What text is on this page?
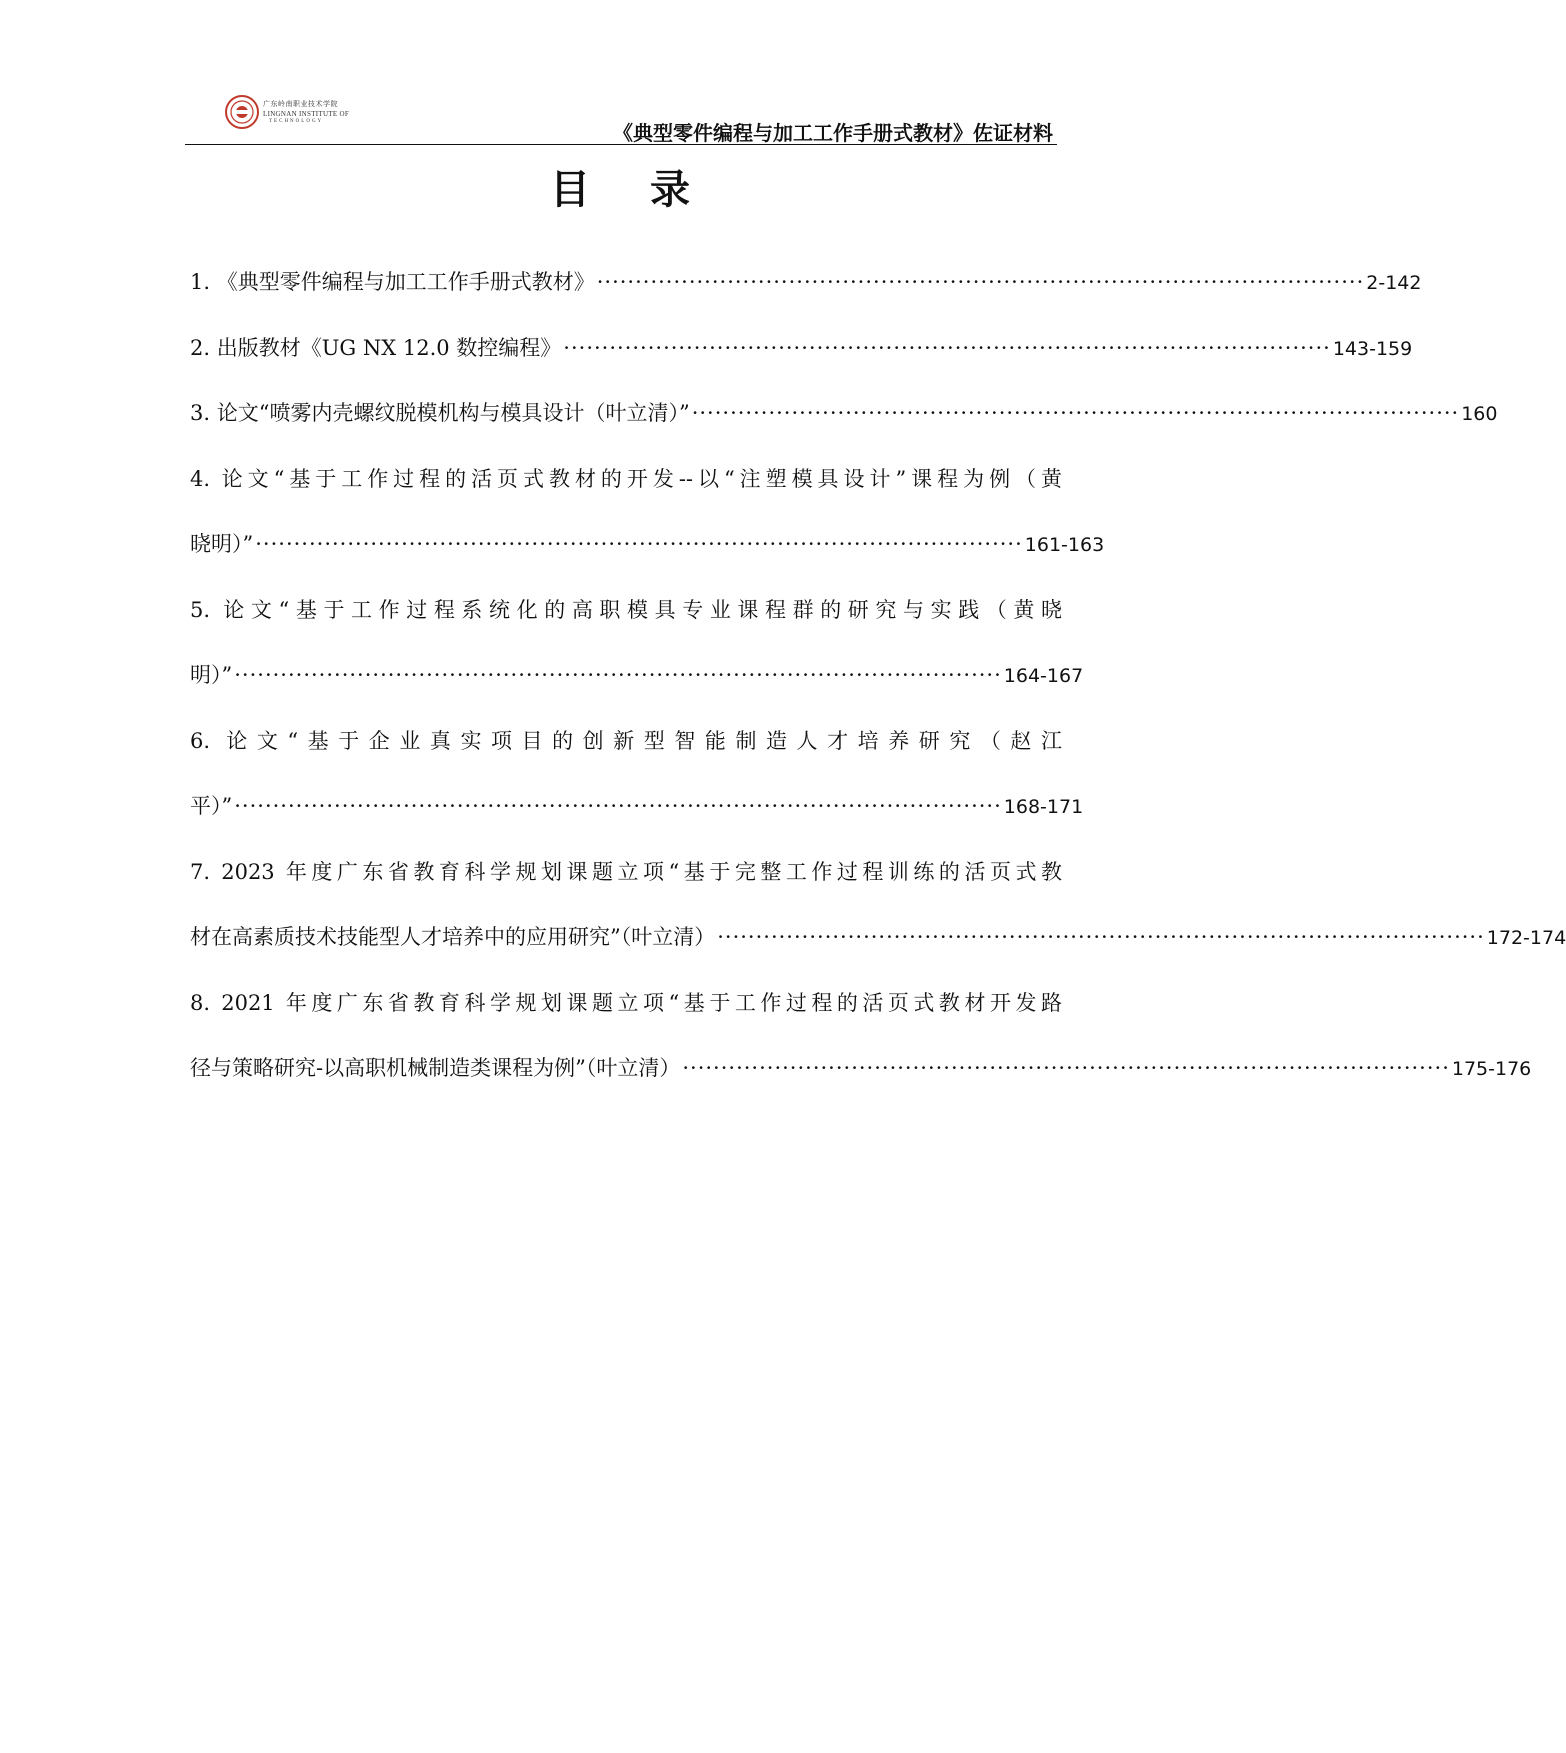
广东岭南职业技术学院
LINGNAN INSTITUTE OF
TECHNOLOGY	《典型零件编程与加工工作手册式教材》佐证材料
目录
1. 《典型零件编程与加工工作手册式教材》 ···································································································· 2-142
2. 出版教材《UG NX 12.0 数控编程》 ···································································································· 143-159
3. 论文“喷雾内壳螺纹脱模机构与模具设计（叶立清）” ···································································································· 160
4. 论文“基于工作过程的活页式教材的开发--以“注塑模具设计”课程为例（黄
晓明）” ···································································································· 161-163
5. 论文“基于工作过程系统化的高职模具专业课程群的研究与实践（黄晓
明）” ···································································································· 164-167
6. 论文“基于企业真实项目的创新型智能制造人才培养研究（赵江
平）” ···································································································· 168-171
7. 2023 年度广东省教育科学规划课题立项“基于完整工作过程训练的活页式教
材在高素质技术技能型人才培养中的应用研究”（叶立清） ···································································································· 172-174
8. 2021 年度广东省教育科学规划课题立项“基于工作过程的活页式教材开发路
径与策略研究-以高职机械制造类课程为例”（叶立清） ···································································································· 175-176
